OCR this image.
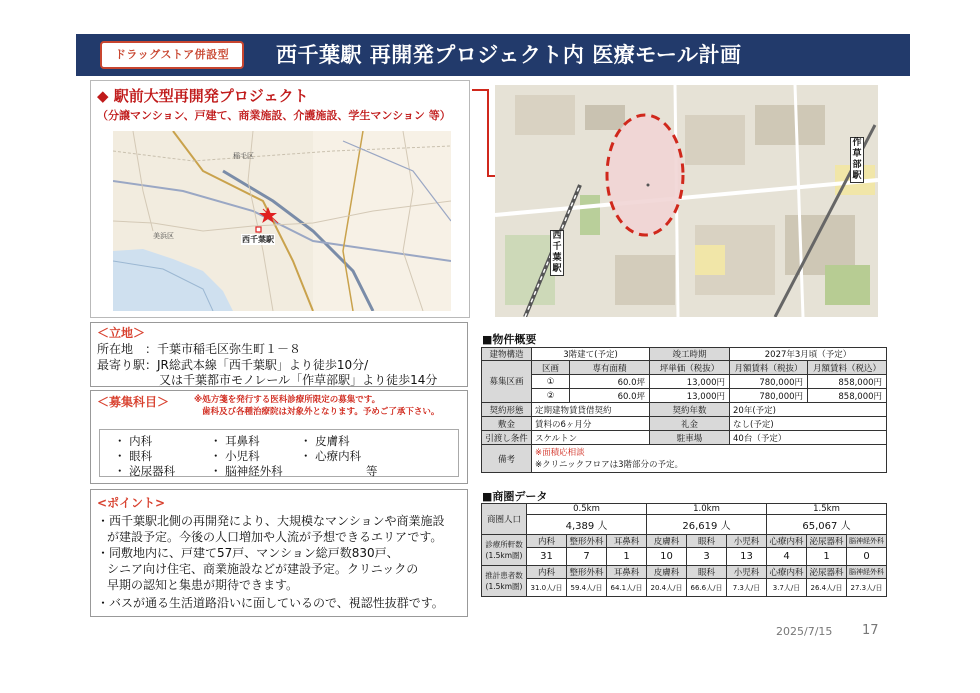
ドラッグストア併設型	西千葉駅 再開発プロジェクト内 医療モール計画
◆ 駅前大型再開発プロジェクト
（分譲マンション、戸建て、商業施設、介護施設、学生マンション 等）
稲毛区
美浜区	西千葉駅
作草部駅
西千葉駅
＜立地＞
所在地 ：千葉市稲毛区弥生町１－８
最寄り駅：JR総武本線「西千葉駅」より徒歩10分/
又は千葉都市モノレール「作草部駅」より徒歩14分
＜募集科目＞	※処方箋を発行する医科診療所限定の募集です。
歯科及び各種治療院は対象外となります。予めご了承下さい。
・ 内科	・ 耳鼻科	・ 皮膚科
・ 眼科	・ 小児科	・ 心療内科
・ 泌尿器科	・ 脳神経外科	等
<ポイント>
・西千葉駅北側の再開発により、大規模なマンションや商業施設
が建設予定。今後の人口増加や人流が予想できるエリアです。
・同敷地内に、戸建て57戸、マンション総戸数830戸、
シニア向け住宅、商業施設などが建設予定。クリニックの
早期の認知と集患が期待できます。
・バスが通る生活道路沿いに面しているので、視認性抜群です。
■物件概要
建物構造	3階建て(予定)		竣工時期	2027年3月頃（予定）	
募集区画	区画	専有面積	坪単価（税抜）	月額賃料（税抜）	月額賃料（税込）
	①	60.0坪	13,000円	780,000円	858,000円
	②	60.0坪	13,000円	780,000円	858,000円
契約形態	定期建物賃貸借契約		契約年数	20年(予定)	
敷金	賃料の6ヶ月分		礼金	なし(予定)	
引渡し条件	スケルトン		駐車場	40台（予定）	
備考	※面積応相談
※クリニックフロアは3階部分の予定。				
■商圏データ
商圏人口	0.5km			1.0km			1.5km		
	4,389 人			26,619 人			65,067 人		

診療所軒数
(1.5km圏)	内科	整形外科	耳鼻科	皮膚科	眼科	小児科	心療内科	泌尿器科	脳神経外科
	31	7	1	10	3	13	4	1	0

推計患者数
(1.5km圏)	内科	整形外科	耳鼻科	皮膚科	眼科	小児科	心療内科	泌尿器科	脳神経外科
	31.0人/日	59.4人/日	64.1人/日	20.4人/日	66.6人/日	7.3人/日	3.7人/日	26.4人/日	27.3人/日
2025/7/15 17
